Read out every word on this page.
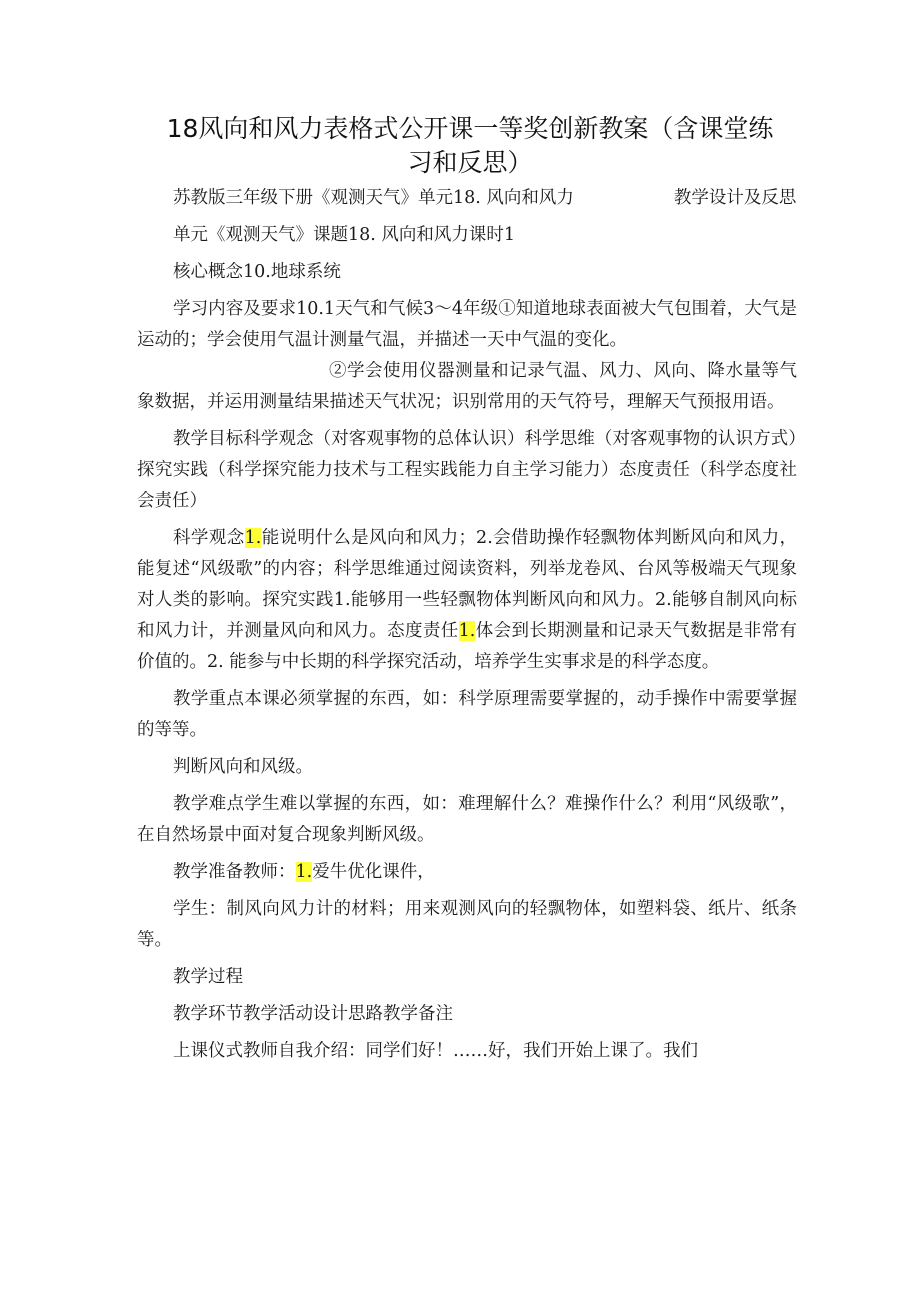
18风向和风力表格式公开课一等奖创新教案（含课堂练
习和反思）

苏教版三年级下册《观测天气》单元18. 风向和风力	教学设计及反思

单元《观测天气》课题18. 风向和风力课时1

核心概念10.地球系统

学习内容及要求10.1天气和气候3～4年级①知道地球表面被大气包围着，大气是运动的；学会使用气温计测量气温，并描述一天中气温的变化。

②学会使用仪器测量和记录气温、风力、风向、降水量等气象数据，并运用测量结果描述天气状况；识别常用的天气符号，理解天气预报用语。

教学目标科学观念（对客观事物的总体认识）科学思维（对客观事物的认识方式）探究实践（科学探究能力技术与工程实践能力自主学习能力）态度责任（科学态度社会责任）

科学观念1.能说明什么是风向和风力；2.会借助操作轻飘物体判断风向和风力，能复述“风级歌”的内容；科学思维通过阅读资料，列举龙卷风、台风等极端天气现象对人类的影响。探究实践1.能够用一些轻飘物体判断风向和风力。2.能够自制风向标和风力计，并测量风向和风力。态度责任1.体会到长期测量和记录天气数据是非常有价值的。2. 能参与中长期的科学探究活动，培养学生实事求是的科学态度。

教学重点本课必须掌握的东西，如：科学原理需要掌握的，动手操作中需要掌握的等等。

判断风向和风级。

教学难点学生难以掌握的东西，如：难理解什么？难操作什么？利用“风级歌”，在自然场景中面对复合现象判断风级。

教学准备教师：1.爱牛优化课件，

学生：制风向风力计的材料；用来观测风向的轻飘物体，如塑料袋、纸片、纸条等。

教学过程

教学环节教学活动设计思路教学备注

上课仪式教师自我介绍：同学们好！……好，我们开始上课了。我们
